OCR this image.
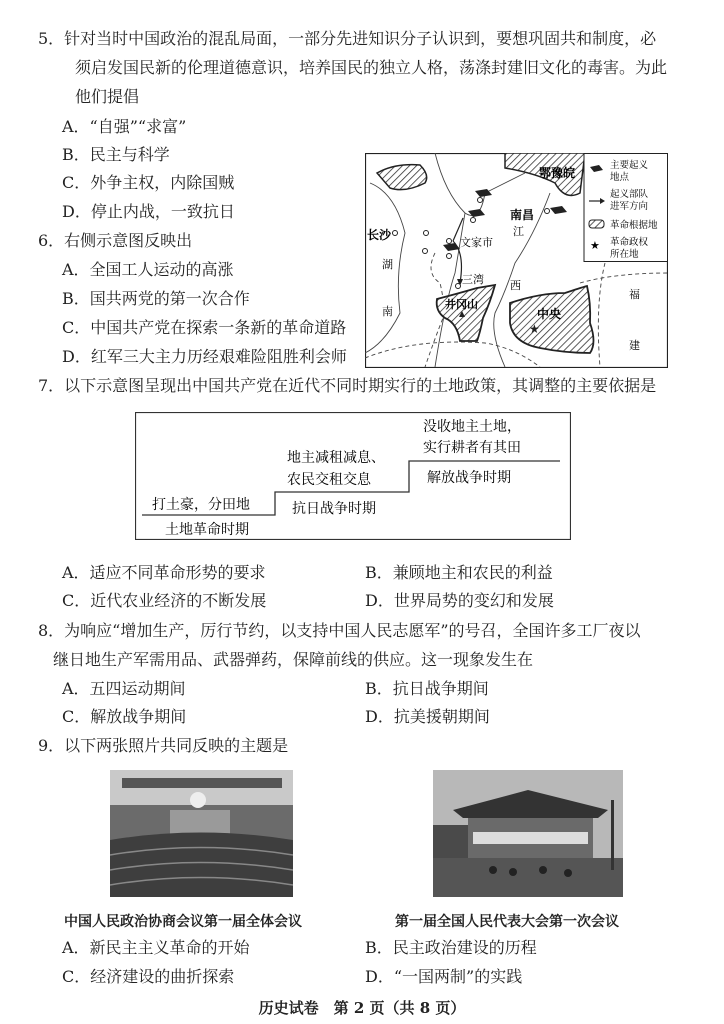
5．针对当时中国政治的混乱局面，一部分先进知识分子认识到，要想巩固共和制度，必
须启发国民新的伦理道德意识，培养国民的独立人格，荡涤封建旧文化的毒害。为此
他们提倡
A．“自强”“求富”
B．民主与科学
C．外争主权，内除国贼
D．停止内战，一致抗日
6．右侧示意图反映出
A．全国工人运动的高涨
B．国共两党的第一次合作
C．中国共产党在探索一条新的革命道路
D．红军三大主力历经艰难险阻胜利会师
长沙
文家市
三湾
井冈山
南昌
鄂豫皖
中央
★
湖
南
江
西
福
建
主要起义
地点
起义部队
进军方向
革命根据地
★ 革命政权
所在地
7．以下示意图呈现出中国共产党在近代不同时期实行的土地政策，其调整的主要依据是
打土豪，分田地
土地革命时期
地主减租减息、
农民交租交息
抗日战争时期
没收地主土地，
实行耕者有其田
解放战争时期
A．适应不同革命形势的要求	B．兼顾地主和农民的利益
C．近代农业经济的不断发展	D．世界局势的变幻和发展
8．为响应“增加生产，厉行节约，以支持中国人民志愿军”的号召，全国许多工厂夜以
继日地生产军需用品、武器弹药，保障前线的供应。这一现象发生在
A．五四运动期间	B．抗日战争期间
C．解放战争期间	D．抗美援朝期间
9．以下两张照片共同反映的主题是
中国人民政治协商会议第一届全体会议	第一届全国人民代表大会第一次会议
A．新民主主义革命的开始	B．民主政治建设的历程
C．经济建设的曲折探索	D．“一国两制”的实践
历史试卷　第 2 页（共 8 页）
